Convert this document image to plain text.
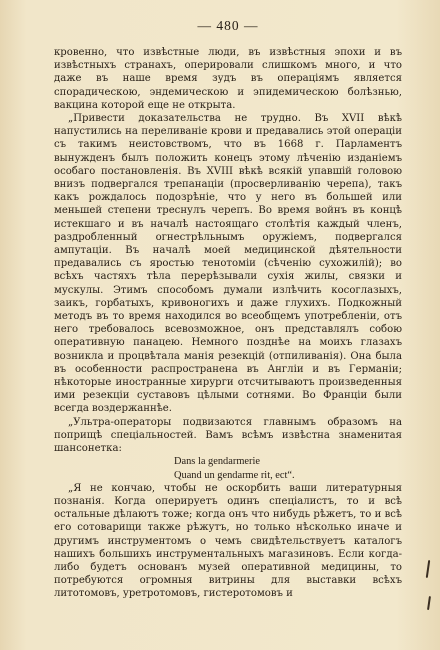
— 480 —

кровенно, что извѣстные люди, въ извѣстныя эпохи и въ извѣстныхъ странахъ, оперировали слишкомъ много, и что даже въ наше время зудъ въ операціямъ является спорадическою, эндемическою и эпидемическою болѣзнью, вакцина которой еще не открыта.

„Привести доказательства не трудно. Въ XVII вѣкѣ напустились на переливаніе крови и предавались этой операціи съ такимъ неистовствомъ, что въ 1668 г. Парламентъ вынужденъ былъ положить конецъ этому лѣченію изданіемъ особаго постановленія. Въ XVIII вѣкѣ всякій упавшій головою внизъ подвергался трепанаціи (просверливанію черепа), такъ какъ рождалось подозрѣніе, что у него въ большей или меньшей степени треснулъ черепъ. Во время войнъ въ концѣ истекшаго и въ началѣ настоящаго столѣтія каждый членъ, раздробленный огнестрѣльнымъ оружіемъ, подвергался ампутаціи. Въ началѣ моей медицинской дѣятельности предавались съ яростью тенотоміи (сѣченію сухожилій); во всѣхъ частяхъ тѣла перерѣзывали сухія жилы, связки и мускулы. Этимъ способомъ думали излѣчить косоглазыхъ, заикъ, горбатыхъ, кривоногихъ и даже глухихъ. Подкожный методъ въ то время находился во всеобщемъ употребленіи, отъ него требовалось всевозможное, онъ представлялъ собою оперативную панацею. Немного позднѣе на моихъ глазахъ возникла и процвѣтала манія резекцій (отпиливанія). Она была въ особенности распространена въ Англіи и въ Германіи; нѣкоторые иностранные хирурги отсчитываютъ произведенныя ими резекціи суставовъ цѣлыми сотнями. Во Франціи были всегда воздержаннѣе.

„Ультра-операторы подвизаются главнымъ образомъ на поприщѣ спеціальностей. Вамъ всѣмъ извѣстна знаменитая шансонетка:

Dans la gendarmerie
Quand un gendarme rit, ect“.

„Я не кончаю, чтобы не оскорбить ваши литературныя познанія. Когда оперируетъ одинъ спеціалистъ, то и всѣ остальные дѣлаютъ тоже; когда онъ что нибудь рѣжетъ, то и всѣ его сотоварищи также рѣжутъ, но только нѣсколько иначе и другимъ инструментомъ о чемъ свидѣтельствуетъ каталогъ нашихъ большихъ инструментальныхъ магазиновъ. Если когда-либо будетъ основанъ музей оперативной медицины, то потребуются огромныя витрины для выставки всѣхъ литотомовъ, уретротомовъ, гистеротомовъ и
